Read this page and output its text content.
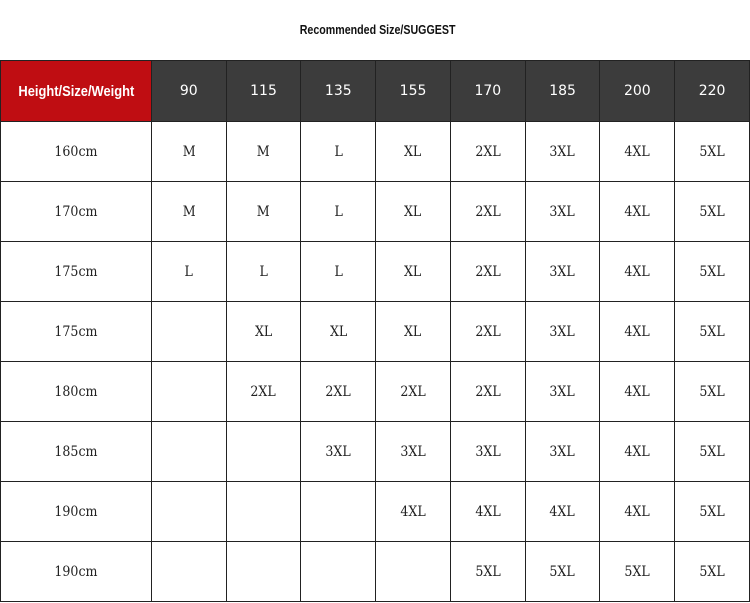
Recommended Size/SUGGEST
Height/Size/Weight	90	115	135	155	170	185	200	220
160cm	M	M	L	XL	2XL	3XL	4XL	5XL
170cm	M	M	L	XL	2XL	3XL	4XL	5XL
175cm	L	L	L	XL	2XL	3XL	4XL	5XL
175cm		XL	XL	XL	2XL	3XL	4XL	5XL
180cm		2XL	2XL	2XL	2XL	3XL	4XL	5XL
185cm			3XL	3XL	3XL	3XL	4XL	5XL
190cm				4XL	4XL	4XL	4XL	5XL
190cm					5XL	5XL	5XL	5XL
